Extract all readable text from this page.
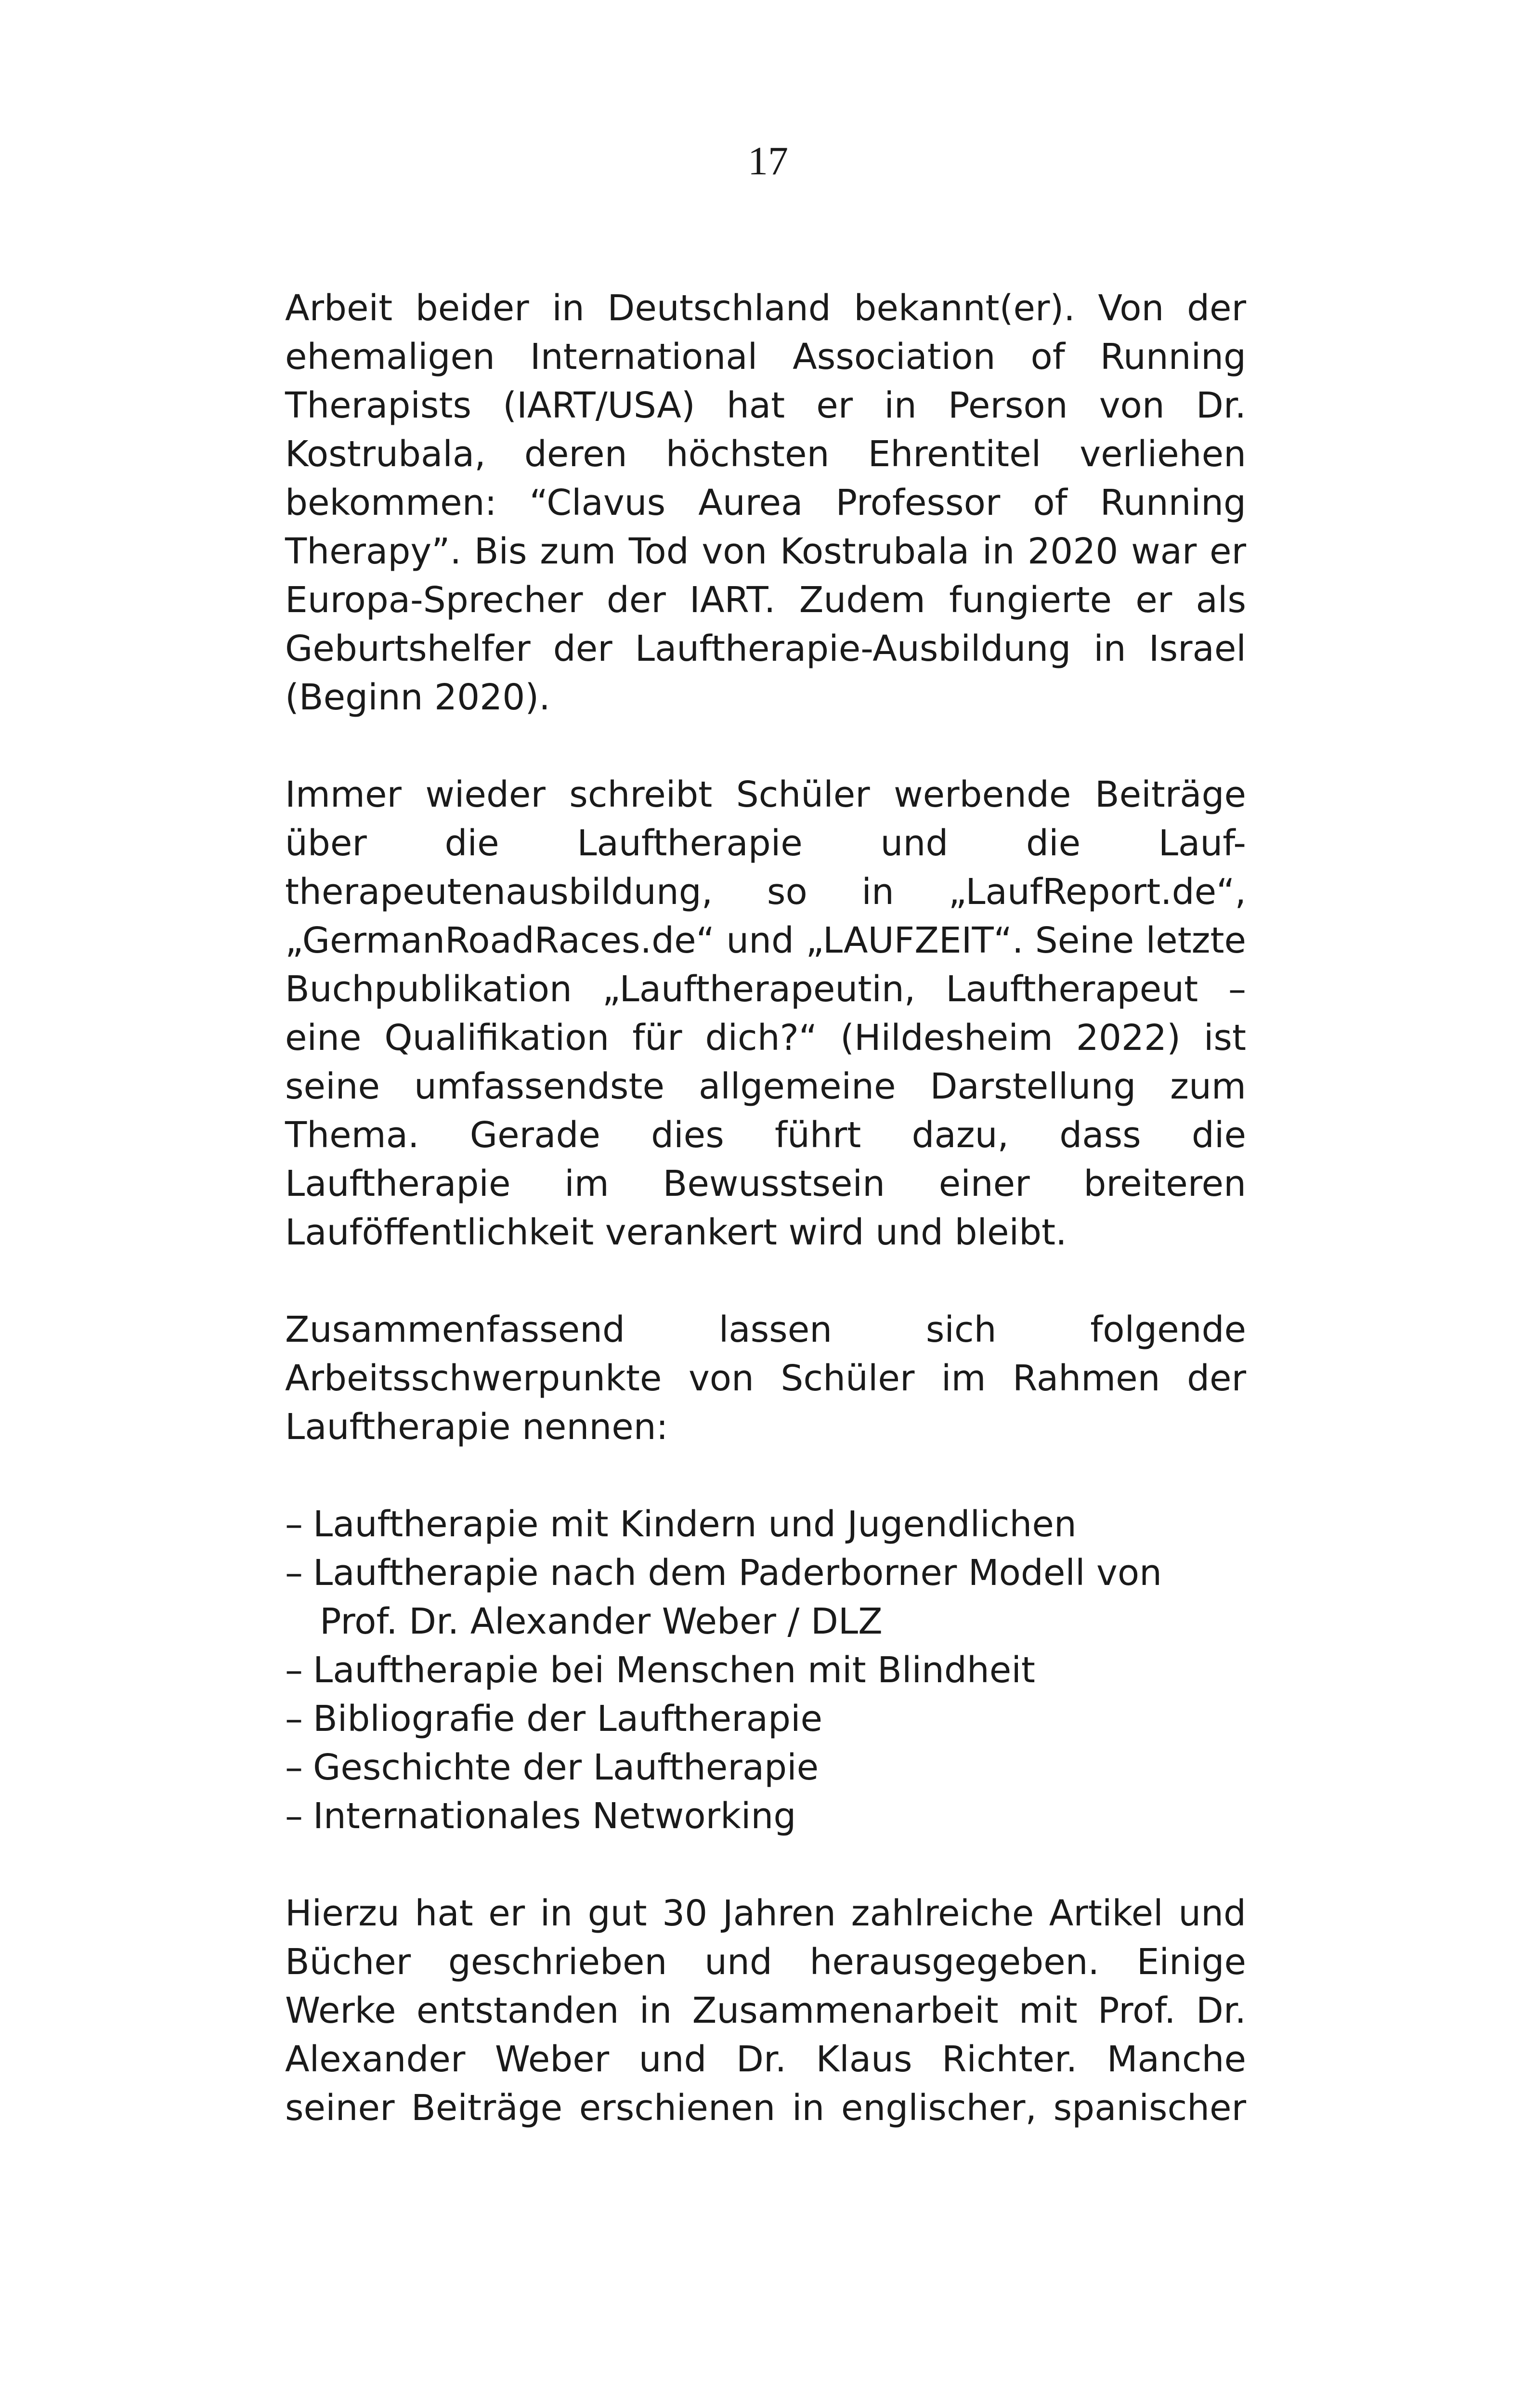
17

Arbeit beider in Deutschland bekannt(er). Von der ehemaligen International Association of Running Therapists (IART/USA) hat er in Person von Dr. Kostrubala, deren höchsten Ehrentitel verliehen bekommen: “Clavus Aurea Professor of Running Therapy”. Bis zum Tod von Kostrubala in 2020 war er Europa-Sprecher der IART. Zudem fungierte er als Geburtshelfer der Lauftherapie-Ausbildung in Israel (Beginn 2020).

Immer wieder schreibt Schüler werbende Beiträge über die Lauftherapie und die Lauf-therapeutenausbildung, so in „LaufReport.de“, „GermanRoadRaces.de“ und „LAUFZEIT“. Seine letzte Buchpublikation „Lauftherapeutin, Lauftherapeut – eine Qualifikation für dich?“ (Hildesheim 2022) ist seine umfassendste allgemeine Darstellung zum Thema. Gerade dies führt dazu, dass die Lauftherapie im Bewusstsein einer breiteren Lauföffentlichkeit verankert wird und bleibt.

Zusammenfassend lassen sich folgende Arbeitsschwerpunkte von Schüler im Rahmen der Lauftherapie nennen:

– Lauftherapie mit Kindern und Jugendlichen
– Lauftherapie nach dem Paderborner Modell von
Prof. Dr. Alexander Weber / DLZ
– Lauftherapie bei Menschen mit Blindheit
– Bibliografie der Lauftherapie
– Geschichte der Lauftherapie
– Internationales Networking

Hierzu hat er in gut 30 Jahren zahlreiche Artikel und Bücher geschrieben und herausgegeben. Einige Werke entstanden in Zusammenarbeit mit Prof. Dr. Alexander Weber und Dr. Klaus Richter. Manche seiner Beiträge erschienen in englischer, spanischer
